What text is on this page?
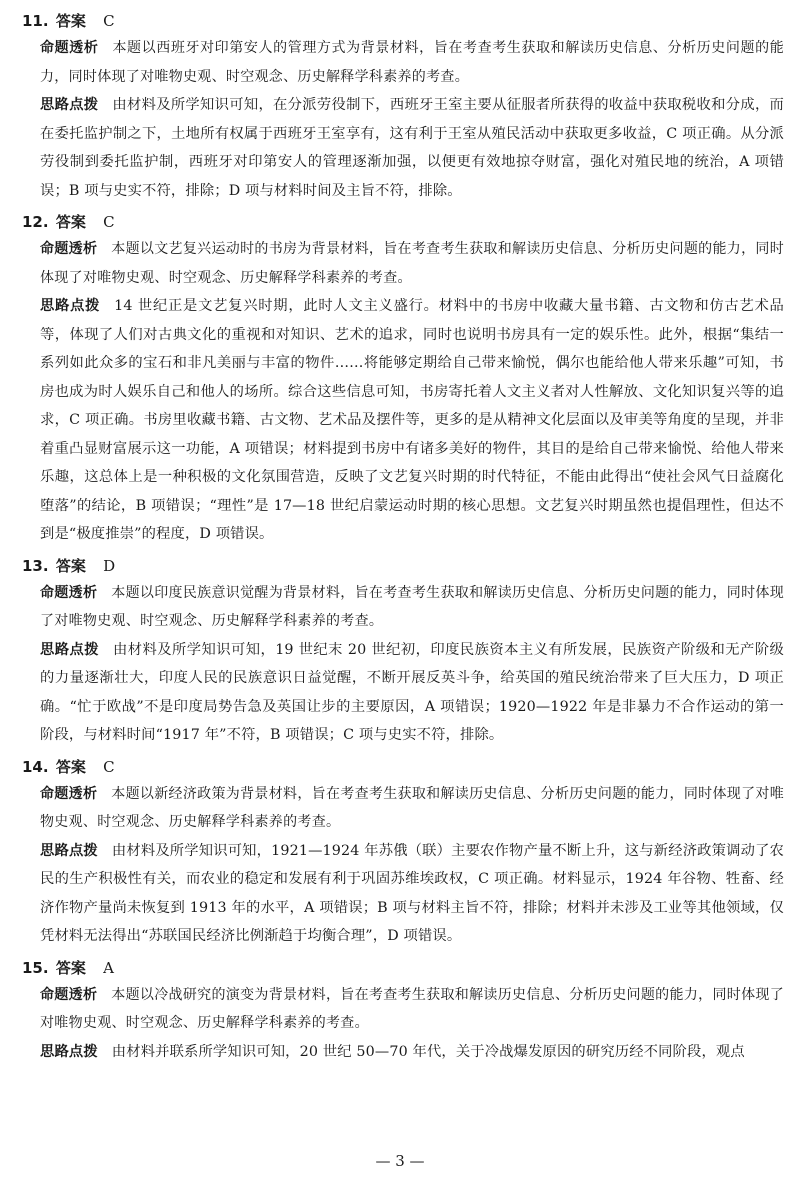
11. 答案 C
命题透析 本题以西班牙对印第安人的管理方式为背景材料，旨在考查考生获取和解读历史信息、分析历史问题的能力，同时体现了对唯物史观、时空观念、历史解释学科素养的考查。
思路点拨 由材料及所学知识可知，在分派劳役制下，西班牙王室主要从征服者所获得的收益中获取税收和分成，而在委托监护制之下，土地所有权属于西班牙王室享有，这有利于王室从殖民活动中获取更多收益，C 项正确。从分派劳役制到委托监护制，西班牙对印第安人的管理逐渐加强，以便更有效地掠夺财富，强化对殖民地的统治，A 项错误；B 项与史实不符，排除；D 项与材料时间及主旨不符，排除。
12. 答案 C
命题透析 本题以文艺复兴运动时的书房为背景材料，旨在考查考生获取和解读历史信息、分析历史问题的能力，同时体现了对唯物史观、时空观念、历史解释学科素养的考查。
思路点拨 14 世纪正是文艺复兴时期，此时人文主义盛行。材料中的书房中收藏大量书籍、古文物和仿古艺术品等，体现了人们对古典文化的重视和对知识、艺术的追求，同时也说明书房具有一定的娱乐性。此外，根据“集结一系列如此众多的宝石和非凡美丽与丰富的物件……将能够定期给自己带来愉悦，偶尔也能给他人带来乐趣”可知，书房也成为时人娱乐自己和他人的场所。综合这些信息可知，书房寄托着人文主义者对人性解放、文化知识复兴等的追求，C 项正确。书房里收藏书籍、古文物、艺术品及摆件等，更多的是从精神文化层面以及审美等角度的呈现，并非着重凸显财富展示这一功能，A 项错误；材料提到书房中有诸多美好的物件，其目的是给自己带来愉悦、给他人带来乐趣，这总体上是一种积极的文化氛围营造，反映了文艺复兴时期的时代特征，不能由此得出“使社会风气日益腐化堕落”的结论，B 项错误；“理性”是 17—18 世纪启蒙运动时期的核心思想。文艺复兴时期虽然也提倡理性，但达不到是“极度推崇”的程度，D 项错误。
13. 答案 D
命题透析 本题以印度民族意识觉醒为背景材料，旨在考查考生获取和解读历史信息、分析历史问题的能力，同时体现了对唯物史观、时空观念、历史解释学科素养的考查。
思路点拨 由材料及所学知识可知，19 世纪末 20 世纪初，印度民族资本主义有所发展，民族资产阶级和无产阶级的力量逐渐壮大，印度人民的民族意识日益觉醒，不断开展反英斗争，给英国的殖民统治带来了巨大压力，D 项正确。“忙于欧战”不是印度局势告急及英国让步的主要原因，A 项错误；1920—1922 年是非暴力不合作运动的第一阶段，与材料时间“1917 年”不符，B 项错误；C 项与史实不符，排除。
14. 答案 C
命题透析 本题以新经济政策为背景材料，旨在考查考生获取和解读历史信息、分析历史问题的能力，同时体现了对唯物史观、时空观念、历史解释学科素养的考查。
思路点拨 由材料及所学知识可知，1921—1924 年苏俄（联）主要农作物产量不断上升，这与新经济政策调动了农民的生产积极性有关，而农业的稳定和发展有利于巩固苏维埃政权，C 项正确。材料显示，1924 年谷物、牲畜、经济作物产量尚未恢复到 1913 年的水平，A 项错误；B 项与材料主旨不符，排除；材料并未涉及工业等其他领域，仅凭材料无法得出“苏联国民经济比例渐趋于均衡合理”，D 项错误。
15. 答案 A
命题透析 本题以冷战研究的演变为背景材料，旨在考查考生获取和解读历史信息、分析历史问题的能力，同时体现了对唯物史观、时空观念、历史解释学科素养的考查。
思路点拨 由材料并联系所学知识可知，20 世纪 50—70 年代，关于冷战爆发原因的研究历经不同阶段，观点
— 3 —
